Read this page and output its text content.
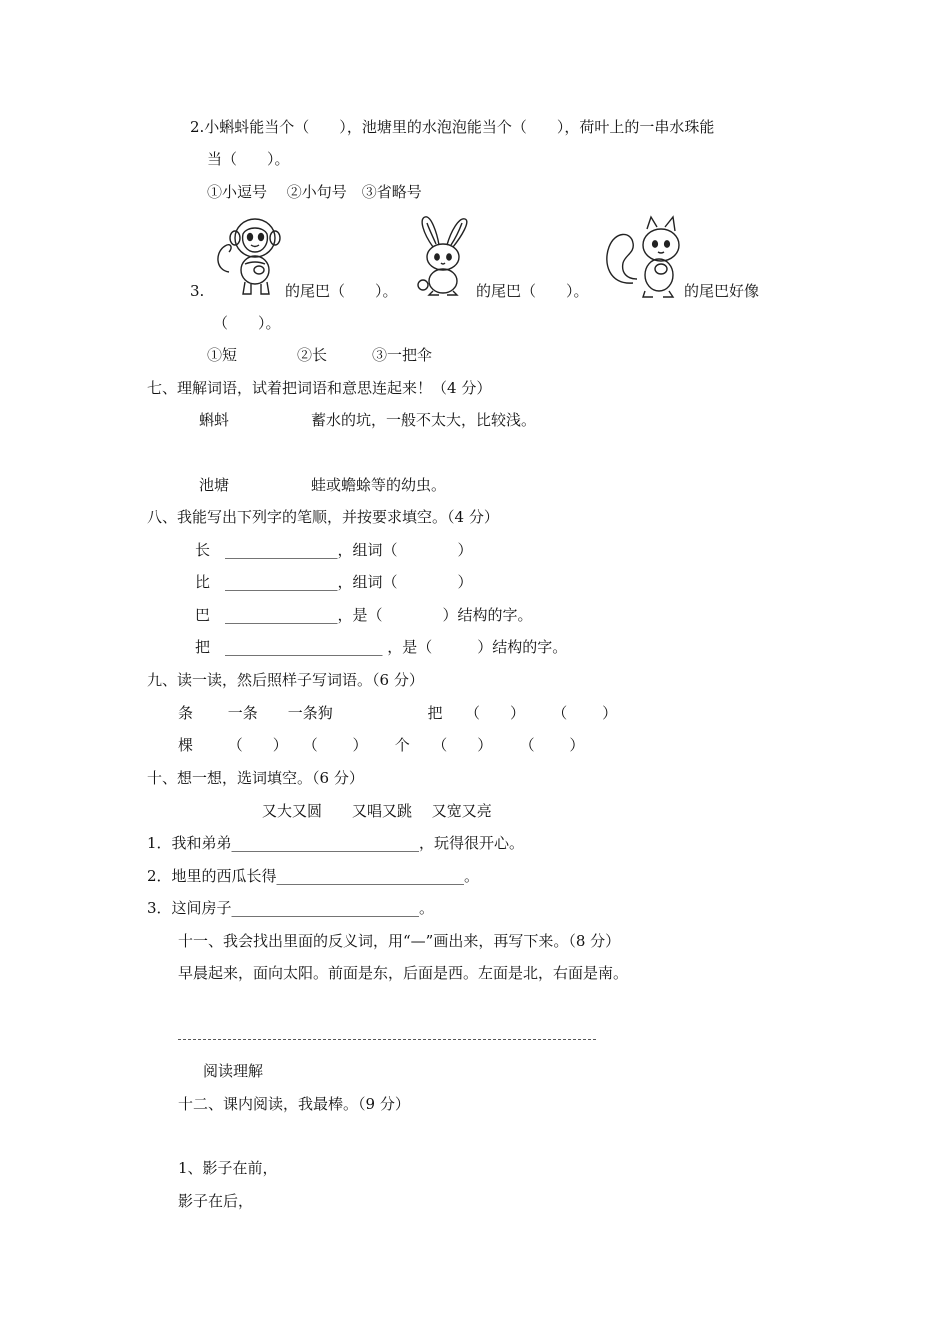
2.小蝌蚪能当个（　　），池塘里的水泡泡能当个（　　），荷叶上的一串水珠能
当（　　）。
①小逗号　 ②小句号　③省略号
3.	的尾巴（　　）。	的尾巴（　　）。	的尾巴好像
（　　）。
①短　　　　②长　　　③一把伞
七、理解词语，试着把词语和意思连起来！（4 分）
蝌蚪	蓄水的坑，一般不太大，比较浅。
池塘	蛙或蟾蜍等的幼虫。
八、我能写出下列字的笔顺，并按要求填空。（4 分）
长　_______________，组词（　　　　）
比　_______________，组词（　　　　）
巴　_______________，是（　　　　）结构的字。
把　_____________________ ，是（　　　）结构的字。
九、读一读，然后照样子写词语。（6 分）
条　　 一条　　一条狗　　　　　　 把　　（　　）　　 （　　 ）
棵　　 （　　）　　（　　 ）　　 个　　（　　）　　 （　　 ）
十、想一想，选词填空。（6 分）
又大又圆　　又唱又跳　 又宽又亮
1．我和弟弟_________________________，玩得很开心。
2．地里的西瓜长得_________________________。
3．这间房子_________________________。
十一、我会找出里面的反义词，用“—”画出来，再写下来。（8 分）
早晨起来，面向太阳。前面是东，后面是西。左面是北，右面是南。
阅读理解
十二、课内阅读，我最棒。（9 分）
1、影子在前，
影子在后，
